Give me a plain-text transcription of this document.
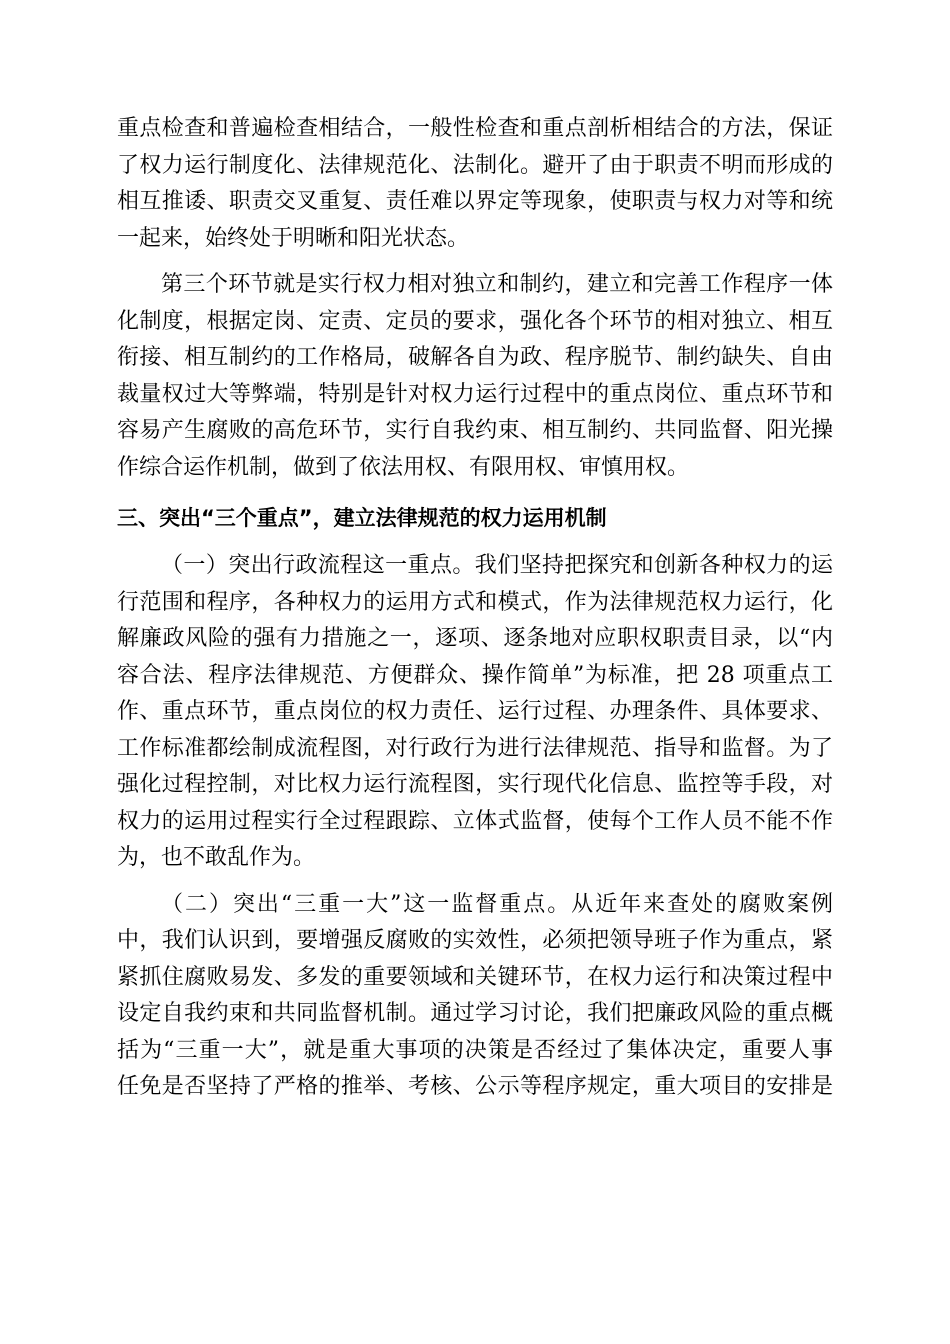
重点检查和普遍检查相结合，一般性检查和重点剖析相结合的方法，保证
了权力运行制度化、法律规范化、法制化。避开了由于职责不明而形成的
相互推诿、职责交叉重复、责任难以界定等现象，使职责与权力对等和统
一起来，始终处于明晰和阳光状态。

第三个环节就是实行权力相对独立和制约，建立和完善工作程序一体
化制度，根据定岗、定责、定员的要求，强化各个环节的相对独立、相互
衔接、相互制约的工作格局，破解各自为政、程序脱节、制约缺失、自由
裁量权过大等弊端，特别是针对权力运行过程中的重点岗位、重点环节和
容易产生腐败的高危环节，实行自我约束、相互制约、共同监督、阳光操
作综合运作机制，做到了依法用权、有限用权、审慎用权。

三、突出“三个重点”，建立法律规范的权力运用机制

（一）突出行政流程这一重点。我们坚持把探究和创新各种权力的运
行范围和程序，各种权力的运用方式和模式，作为法律规范权力运行，化
解廉政风险的强有力措施之一，逐项、逐条地对应职权职责目录，以“内
容合法、程序法律规范、方便群众、操作简单”为标准，把 28 项重点工
作、重点环节，重点岗位的权力责任、运行过程、办理条件、具体要求、
工作标准都绘制成流程图，对行政行为进行法律规范、指导和监督。为了
强化过程控制，对比权力运行流程图，实行现代化信息、监控等手段，对
权力的运用过程实行全过程跟踪、立体式监督，使每个工作人员不能不作
为，也不敢乱作为。

（二）突出“三重一大”这一监督重点。从近年来查处的腐败案例
中，我们认识到，要增强反腐败的实效性，必须把领导班子作为重点，紧
紧抓住腐败易发、多发的重要领域和关键环节，在权力运行和决策过程中
设定自我约束和共同监督机制。通过学习讨论，我们把廉政风险的重点概
括为“三重一大”，就是重大事项的决策是否经过了集体决定，重要人事
任免是否坚持了严格的推举、考核、公示等程序规定，重大项目的安排是
